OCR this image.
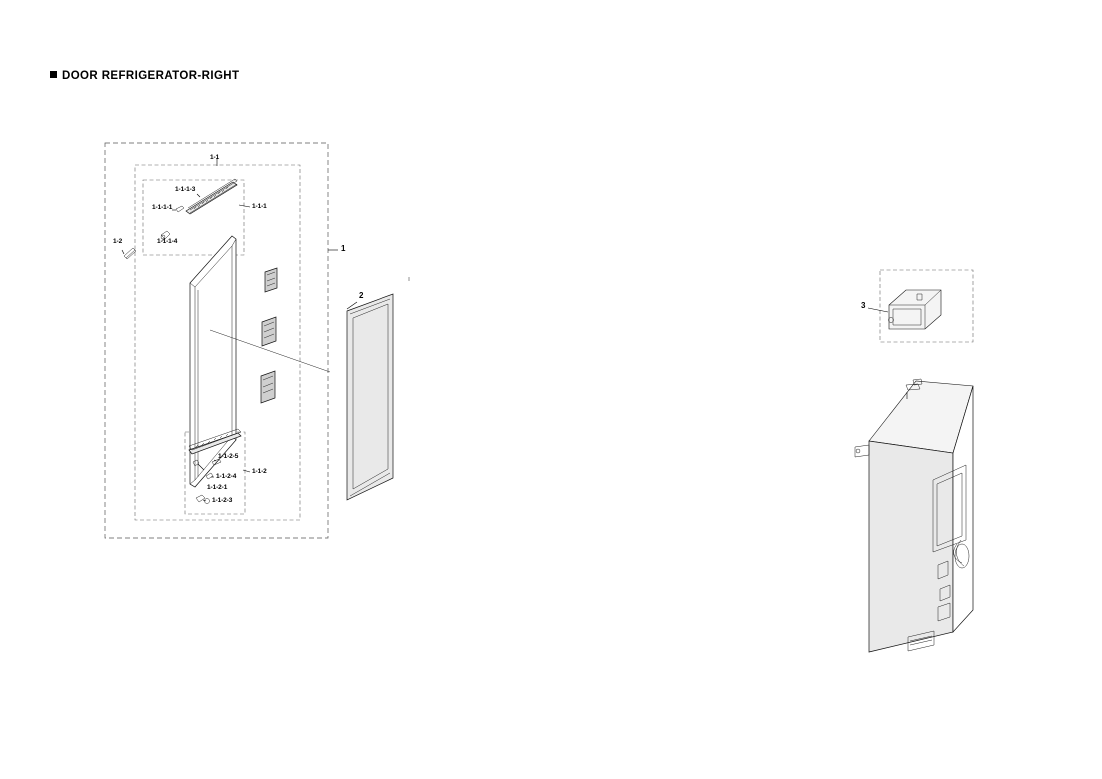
DOOR REFRIGERATOR-RIGHT
1
1-1
1-2
1-1-1
1-1-1-1
1-1-1-3
1-1-1-4
1-1-2
1-1-2-5
1-1-2-4
1-1-2-1
1-1-2-3
2
3
